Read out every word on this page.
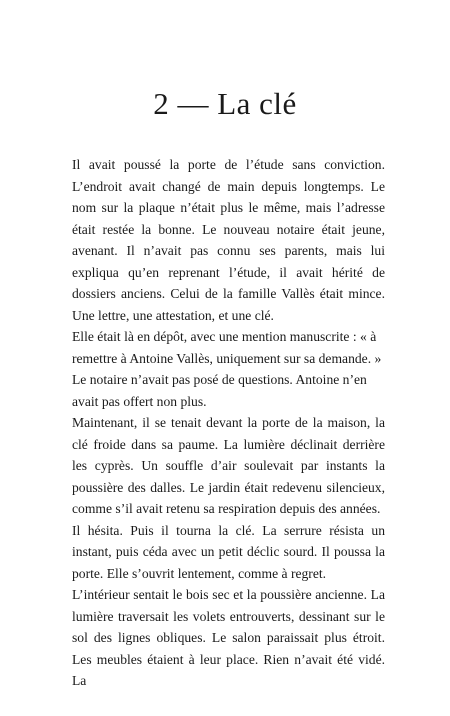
2 — La clé

Il avait poussé la porte de l’étude sans conviction. L’endroit avait changé de main depuis longtemps. Le nom sur la plaque n’était plus le même, mais l’adresse était restée la bonne. Le nouveau notaire était jeune, avenant. Il n’avait pas connu ses parents, mais lui expliqua qu’en reprenant l’étude, il avait hérité de dossiers anciens. Celui de la famille Vallès était mince. Une lettre, une attestation, et une clé.

Elle était là en dépôt, avec une mention manuscrite : « à remettre à Antoine Vallès, uniquement sur sa demande. »

Le notaire n’avait pas posé de questions. Antoine n’en avait pas offert non plus.

Maintenant, il se tenait devant la porte de la maison, la clé froide dans sa paume. La lumière déclinait derrière les cyprès. Un souffle d’air soulevait par instants la poussière des dalles. Le jardin était redevenu silencieux, comme s’il avait retenu sa respiration depuis des années.

Il hésita. Puis il tourna la clé. La serrure résista un instant, puis céda avec un petit déclic sourd. Il poussa la porte. Elle s’ouvrit lentement, comme à regret.

L’intérieur sentait le bois sec et la poussière ancienne. La lumière traversait les volets entrouverts, dessinant sur le sol des lignes obliques. Le salon paraissait plus étroit. Les meubles étaient à leur place. Rien n’avait été vidé. La
